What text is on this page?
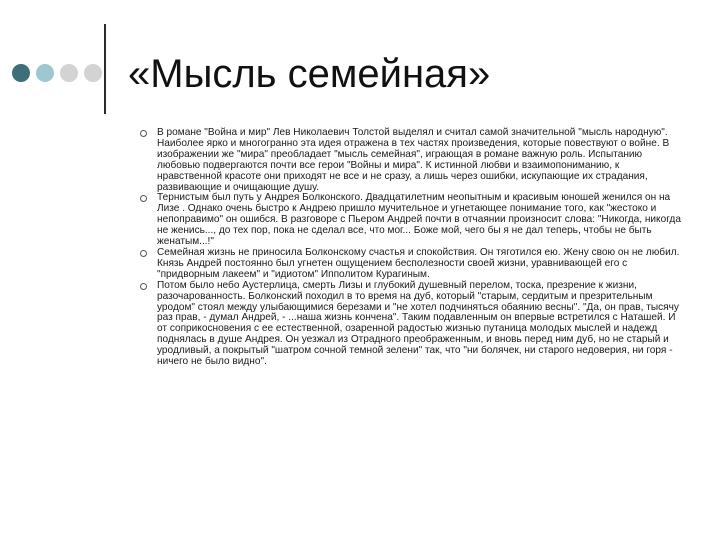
«Мысль семейная»
В романе "Война и мир" Лев Николаевич Толстой выделял и считал самой значительной "мысль народную". Наиболее ярко и многогранно эта идея отражена в тех частях произведения, которые повествуют о войне. В изображении же "мира" преобладает "мысль семейная", играющая в романе важную роль. Испытанию любовью подвергаются почти все герои "Войны и мира". К истинной любви и взаимопониманию, к нравственной красоте они приходят не все и не сразу, а лишь через ошибки, искупающие их страдания, развивающие и очищающие душу.
Тернистым был путь у Андрея Болконского. Двадцатилетним неопытным и красивым юношей женился он на Лизе . Однако очень быстро к Андрею пришло мучительное и угнетающее понимание того, как "жестоко и непоправимо" он ошибся. В разговоре с Пьером Андрей почти в отчаянии произносит слова: "Никогда, никогда не женись..., до тех пор, пока не сделал все, что мог... Боже мой, чего бы я не дал теперь, чтобы не быть женатым...!"
Семейная жизнь не приносила Болконскому счастья и спокойствия. Он тяготился ею. Жену свою он не любил. Князь Андрей постоянно был угнетен ощущением бесполезности своей жизни, уравнивающей его с "придворным лакеем" и "идиотом" Ипполитом Курагиным.
Потом было небо Аустерлица, смерть Лизы и глубокий душевный перелом, тоска, презрение к жизни, разочарованность. Болконский походил в то время на дуб, который "старым, сердитым и презрительным уродом" стоял между улыбающимися березами и "не хотел подчиняться обаянию весны". "Да, он прав, тысячу раз прав, - думал Андрей, - ...наша жизнь кончена". Таким подавленным он впервые встретился с Наташей. И от соприкосновения с ее естественной, озаренной радостью жизнью путаница молодых мыслей и надежд поднялась в душе Андрея. Он уезжал из Отрадного преображенным, и вновь перед ним дуб, но не старый и уродливый, а покрытый "шатром сочной темной зелени" так, что "ни болячек, ни старого недоверия, ни горя - ничего не было видно".
